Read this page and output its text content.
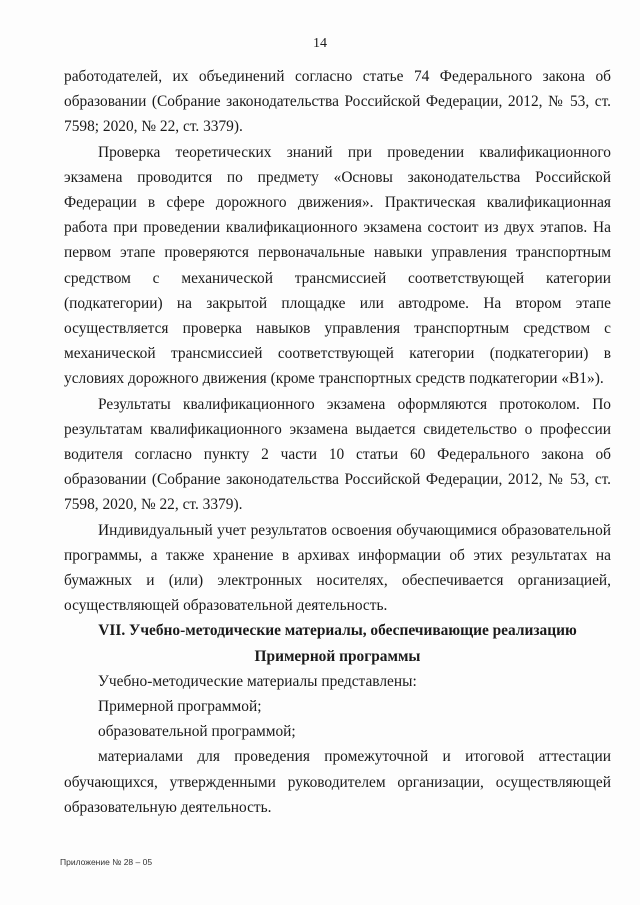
14

работодателей, их объединений согласно статье 74 Федерального закона об образовании (Собрание законодательства Российской Федерации, 2012, № 53, ст. 7598; 2020, № 22, ст. 3379).

Проверка теоретических знаний при проведении квалификационного экзамена проводится по предмету «Основы законодательства Российской Федерации в сфере дорожного движения». Практическая квалификационная работа при проведении квалификационного экзамена состоит из двух этапов. На первом этапе проверяются первоначальные навыки управления транспортным средством с механической трансмиссией соответствующей категории (подкатегории) на закрытой площадке или автодроме. На втором этапе осуществляется проверка навыков управления транспортным средством с механической трансмиссией соответствующей категории (подкатегории) в условиях дорожного движения (кроме транспортных средств подкатегории «В1»).

Результаты квалификационного экзамена оформляются протоколом. По результатам квалификационного экзамена выдается свидетельство о профессии водителя согласно пункту 2 части 10 статьи 60 Федерального закона об образовании (Собрание законодательства Российской Федерации, 2012, № 53, ст. 7598, 2020, № 22, ст. 3379).

Индивидуальный учет результатов освоения обучающимися образовательной программы, а также хранение в архивах информации об этих результатах на бумажных и (или) электронных носителях, обеспечивается организацией, осуществляющей образовательной деятельность.

VII. Учебно-методические материалы, обеспечивающие реализацию

Примерной программы

Учебно-методические материалы представлены:

Примерной программой;

образовательной программой;

материалами для проведения промежуточной и итоговой аттестации обучающихся, утвержденными руководителем организации, осуществляющей образовательную деятельность.

Приложение № 28 – 05
